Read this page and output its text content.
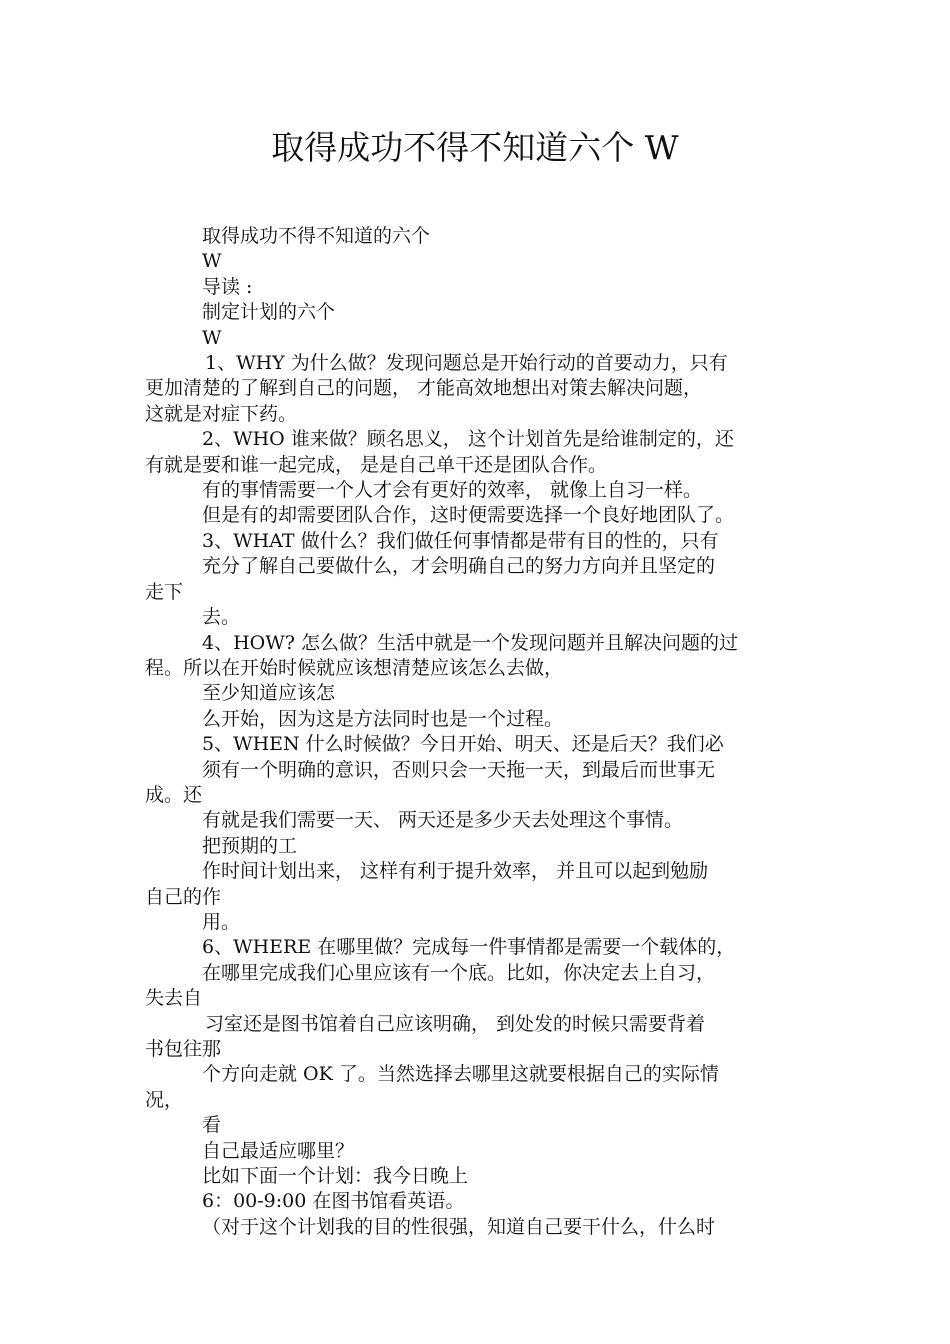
取得成功不得不知道六个 W

取得成功不得不知道的六个

W

导读 :

制定计划的六个

W

1、WHY 为什么做？发现问题总是开始行动的首要动力，只有

更加清楚的了解到自己的问题， 才能高效地想出对策去解决问题，

这就是对症下药。

2、WHO 谁来做？顾名思义， 这个计划首先是给谁制定的，还

有就是要和谁一起完成， 是是自己单干还是团队合作。

有的事情需要一个人才会有更好的效率， 就像上自习一样。

但是有的却需要团队合作，这时便需要选择一个良好地团队了。

3、WHAT 做什么？我们做任何事情都是带有目的性的，只有

充分了解自己要做什么，才会明确自己的努力方向并且坚定的

走下

去。

4、HOW? 怎么做？生活中就是一个发现问题并且解决问题的过

程。所以在开始时候就应该想清楚应该怎么去做，

至少知道应该怎

么开始，因为这是方法同时也是一个过程。

5、WHEN 什么时候做？今日开始、明天、还是后天？我们必

须有一个明确的意识，否则只会一天拖一天，到最后而世事无

成。还

有就是我们需要一天、 两天还是多少天去处理这个事情。

把预期的工

作时间计划出来， 这样有利于提升效率， 并且可以起到勉励

自己的作

用。

6、WHERE 在哪里做？完成每一件事情都是需要一个载体的，

在哪里完成我们心里应该有一个底。比如，你决定去上自习，

失去自

习室还是图书馆着自己应该明确， 到处发的时候只需要背着

书包往那

个方向走就 OK 了。当然选择去哪里这就要根据自己的实际情

况，

看

自己最适应哪里？

比如下面一个计划：我今日晚上

6：00-9:00 在图书馆看英语。

（对于这个计划我的目的性很强，知道自己要干什么，什么时
